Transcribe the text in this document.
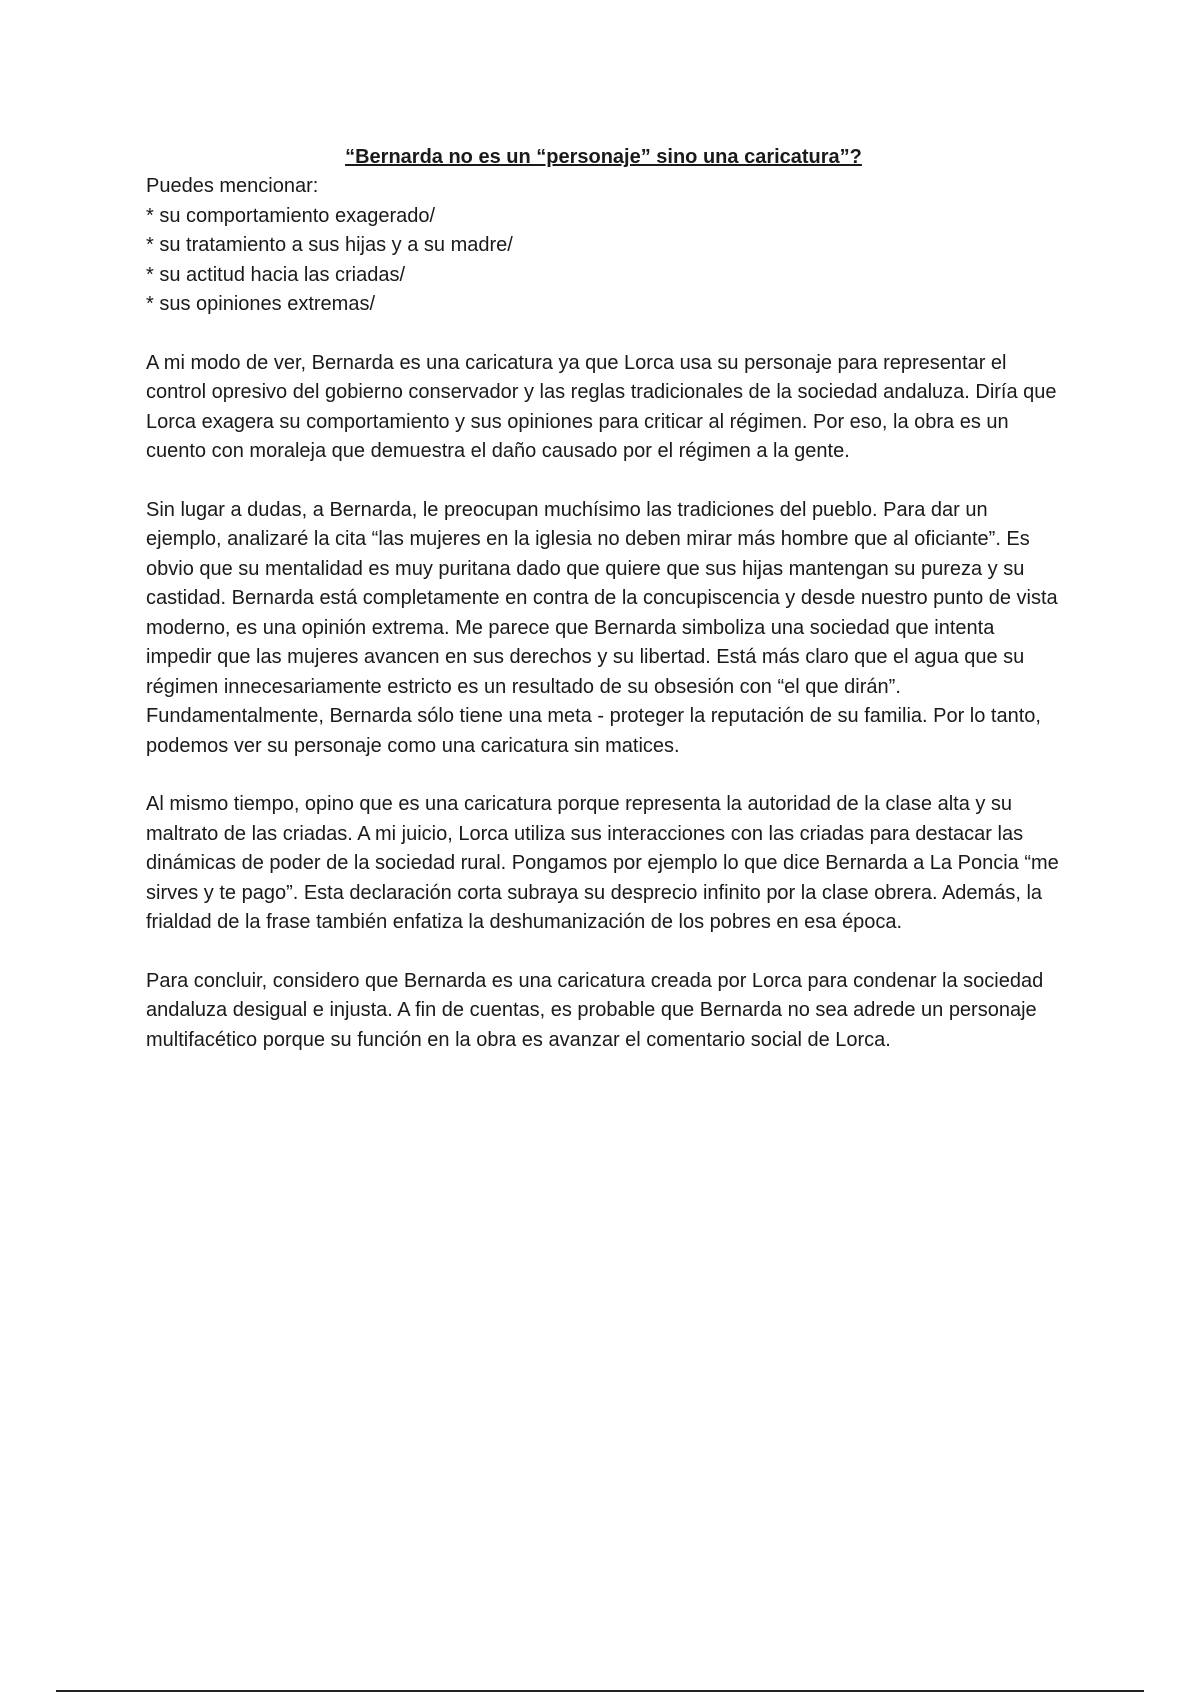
“Bernarda no es un “personaje” sino una caricatura”?
Puedes mencionar:
* su comportamiento exagerado/
* su tratamiento a sus hijas y a su madre/
* su actitud hacia las criadas/
* sus opiniones extremas/

A mi modo de ver, Bernarda es una caricatura ya que Lorca usa su personaje para representar el control opresivo del gobierno conservador y las reglas tradicionales de la sociedad andaluza. Diría que Lorca exagera su comportamiento y sus opiniones para criticar al régimen. Por eso, la obra es un cuento con moraleja que demuestra el daño causado por el régimen a la gente.

Sin lugar a dudas, a Bernarda, le preocupan muchísimo las tradiciones del pueblo. Para dar un ejemplo, analizaré la cita “las mujeres en la iglesia no deben mirar más hombre que al oficiante”. Es obvio que su mentalidad es muy puritana dado que quiere que sus hijas mantengan su pureza y su castidad. Bernarda está completamente en contra de la concupiscencia y desde nuestro punto de vista moderno, es una opinión extrema. Me parece que Bernarda simboliza una sociedad que intenta impedir que las mujeres avancen en sus derechos y su libertad. Está más claro que el agua que su régimen innecesariamente estricto es un resultado de su obsesión con “el que dirán”. Fundamentalmente, Bernarda sólo tiene una meta - proteger la reputación de su familia. Por lo tanto, podemos ver su personaje como una caricatura sin matices.

Al mismo tiempo, opino que es una caricatura porque representa la autoridad de la clase alta y su maltrato de las criadas. A mi juicio, Lorca utiliza sus interacciones con las criadas para destacar las dinámicas de poder de la sociedad rural. Pongamos por ejemplo lo que dice Bernarda a La Poncia “me sirves y te pago”. Esta declaración corta subraya su desprecio infinito por la clase obrera. Además, la frialdad de la frase también enfatiza la deshumanización de los pobres en esa época.

Para concluir, considero que Bernarda es una caricatura creada por Lorca para condenar la sociedad andaluza desigual e injusta. A fin de cuentas, es probable que Bernarda no sea adrede un personaje multifacético porque su función en la obra es avanzar el comentario social de Lorca.
